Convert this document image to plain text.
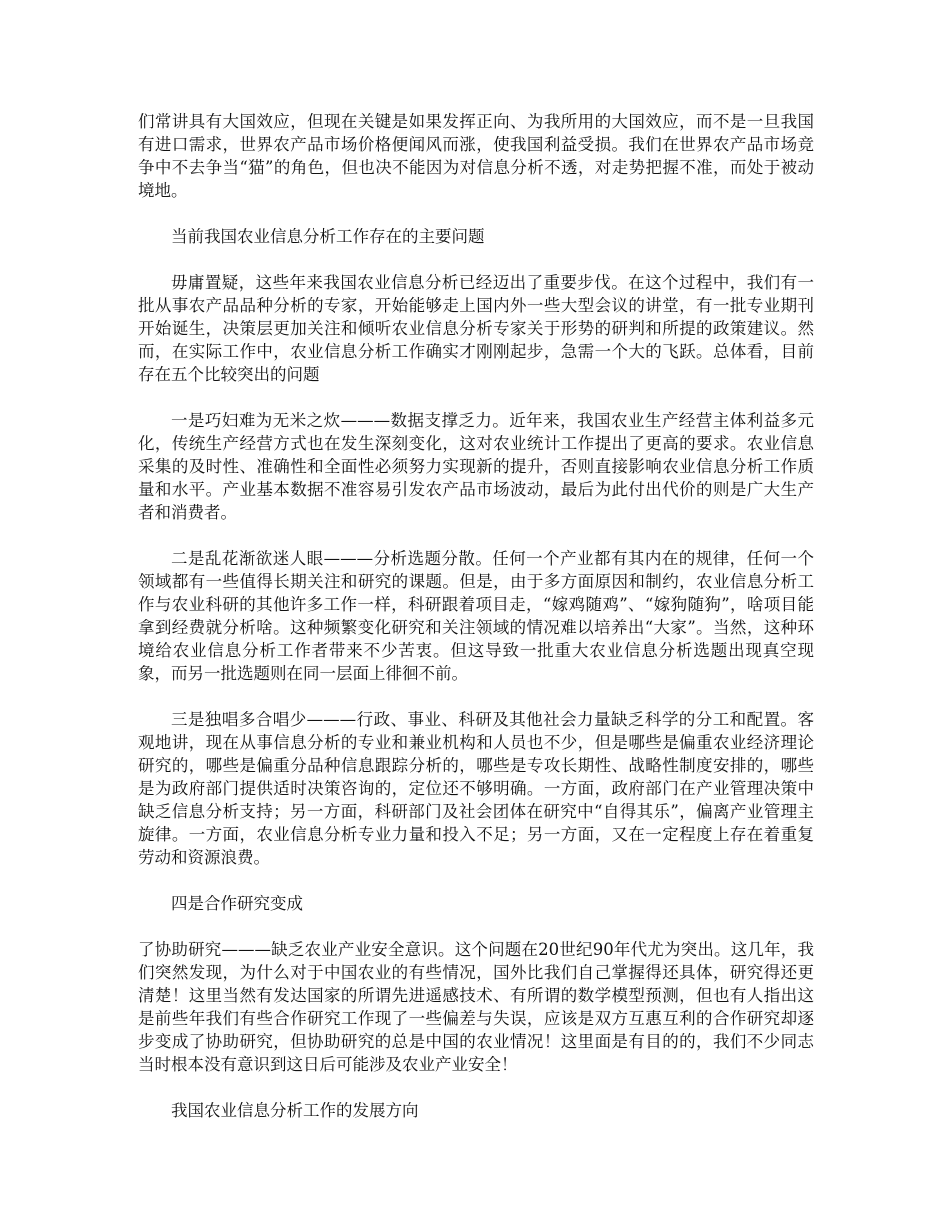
们常讲具有大国效应，但现在关键是如果发挥正向、为我所用的大国效应，而不是一旦我国有进口需求，世界农产品市场价格便闻风而涨，使我国利益受损。我们在世界农产品市场竞争中不去争当“猫”的角色，但也决不能因为对信息分析不透，对走势把握不准，而处于被动境地。

当前我国农业信息分析工作存在的主要问题

毋庸置疑，这些年来我国农业信息分析已经迈出了重要步伐。在这个过程中，我们有一批从事农产品品种分析的专家，开始能够走上国内外一些大型会议的讲堂，有一批专业期刊开始诞生，决策层更加关注和倾听农业信息分析专家关于形势的研判和所提的政策建议。然而，在实际工作中，农业信息分析工作确实才刚刚起步，急需一个大的飞跃。总体看，目前存在五个比较突出的问题

一是巧妇难为无米之炊———数据支撑乏力。近年来，我国农业生产经营主体利益多元化，传统生产经营方式也在发生深刻变化，这对农业统计工作提出了更高的要求。农业信息采集的及时性、准确性和全面性必须努力实现新的提升，否则直接影响农业信息分析工作质量和水平。产业基本数据不准容易引发农产品市场波动，最后为此付出代价的则是广大生产者和消费者。

二是乱花渐欲迷人眼———分析选题分散。任何一个产业都有其内在的规律，任何一个领域都有一些值得长期关注和研究的课题。但是，由于多方面原因和制约，农业信息分析工作与农业科研的其他许多工作一样，科研跟着项目走，“嫁鸡随鸡”、“嫁狗随狗”，啥项目能拿到经费就分析啥。这种频繁变化研究和关注领域的情况难以培养出“大家”。当然，这种环境给农业信息分析工作者带来不少苦衷。但这导致一批重大农业信息分析选题出现真空现象，而另一批选题则在同一层面上徘徊不前。

三是独唱多合唱少———行政、事业、科研及其他社会力量缺乏科学的分工和配置。客观地讲，现在从事信息分析的专业和兼业机构和人员也不少，但是哪些是偏重农业经济理论研究的，哪些是偏重分品种信息跟踪分析的，哪些是专攻长期性、战略性制度安排的，哪些是为政府部门提供适时决策咨询的，定位还不够明确。一方面，政府部门在产业管理决策中缺乏信息分析支持；另一方面，科研部门及社会团体在研究中“自得其乐”，偏离产业管理主旋律。一方面，农业信息分析专业力量和投入不足；另一方面，又在一定程度上存在着重复劳动和资源浪费。

四是合作研究变成

了协助研究———缺乏农业产业安全意识。这个问题在20世纪90年代尤为突出。这几年，我们突然发现，为什么对于中国农业的有些情况，国外比我们自己掌握得还具体，研究得还更清楚！这里当然有发达国家的所谓先进遥感技术、有所谓的数学模型预测，但也有人指出这是前些年我们有些合作研究工作现了一些偏差与失误，应该是双方互惠互利的合作研究却逐步变成了协助研究，但协助研究的总是中国的农业情况！这里面是有目的的，我们不少同志当时根本没有意识到这日后可能涉及农业产业安全！

我国农业信息分析工作的发展方向
